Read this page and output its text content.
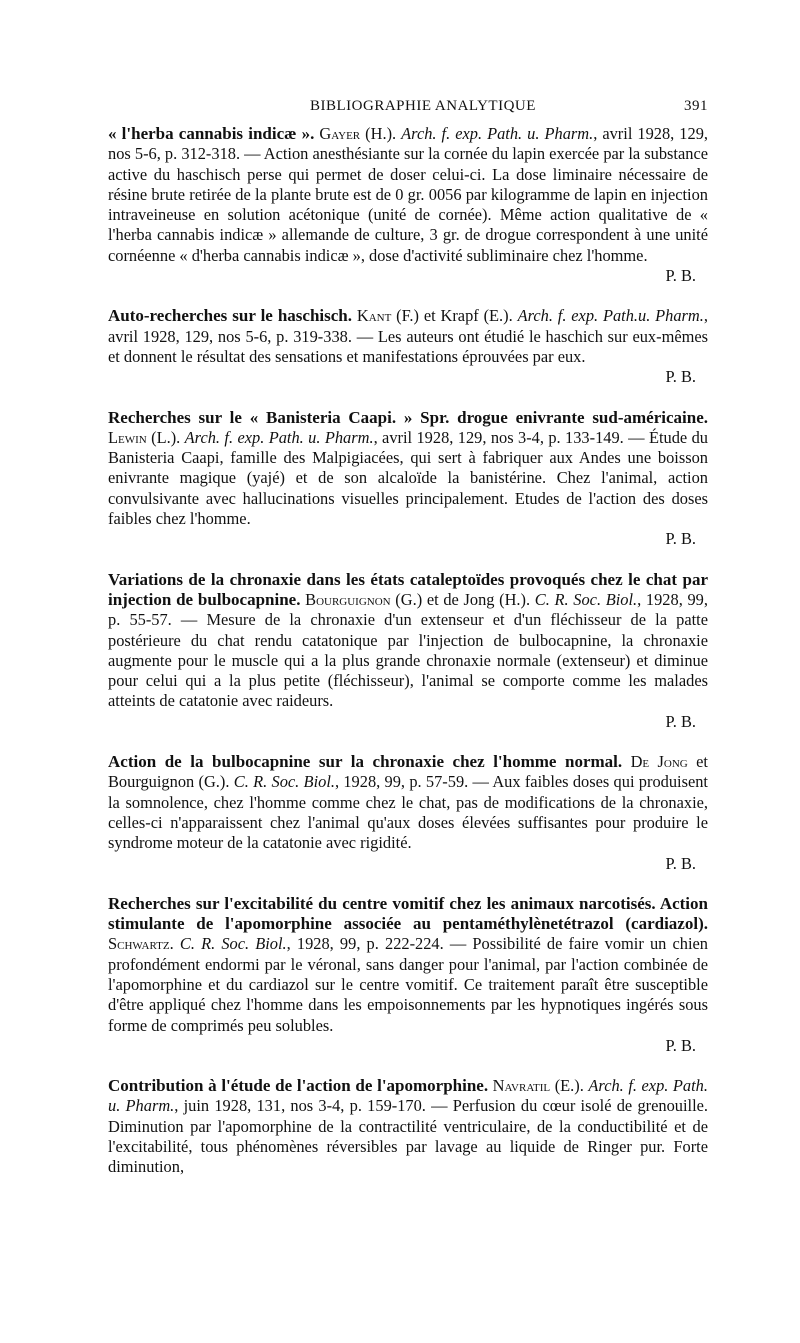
BIBLIOGRAPHIE ANALYTIQUE	391
« l'herba cannabis indicæ ». Gayer (H.). Arch. f. exp. Path. u. Pharm., avril 1928, 129, nos 5-6, p. 312-318. — Action anesthésiante sur la cornée du lapin exercée par la substance active du haschisch perse qui permet de doser celui-ci. La dose liminaire nécessaire de résine brute retirée de la plante brute est de 0 gr. 0056 par kilogramme de lapin en injection intraveineuse en solution acétonique (unité de cornée). Même action qualitative de « l'herba cannabis indicæ » allemande de culture, 3 gr. de drogue correspondent à une unité cornéenne « d'herba cannabis indicæ », dose d'activité subliminaire chez l'homme.
P. B.
Auto-recherches sur le haschisch. Kant (F.) et Krapf (E.). Arch. f. exp. Path.u. Pharm., avril 1928, 129, nos 5-6, p. 319-338. — Les auteurs ont étudié le haschich sur eux-mêmes et donnent le résultat des sensations et manifestations éprouvées par eux.
P. B.
Recherches sur le « Banisteria Caapi. » Spr. drogue enivrante sud-américaine. Lewin (L.). Arch. f. exp. Path. u. Pharm., avril 1928, 129, nos 3-4, p. 133-149. — Étude du Banisteria Caapi, famille des Malpigiacées, qui sert à fabriquer aux Andes une boisson enivrante magique (yajé) et de son alcaloïde la banistérine. Chez l'animal, action convulsivante avec hallucinations visuelles principalement. Etudes de l'action des doses faibles chez l'homme.
P. B.
Variations de la chronaxie dans les états cataleptoïdes provoqués chez le chat par injection de bulbocapnine. Bourguignon (G.) et de Jong (H.). C. R. Soc. Biol., 1928, 99, p. 55-57. — Mesure de la chronaxie d'un extenseur et d'un fléchisseur de la patte postérieure du chat rendu catatonique par l'injection de bulbocapnine, la chronaxie augmente pour le muscle qui a la plus grande chronaxie normale (extenseur) et diminue pour celui qui a la plus petite (fléchisseur), l'animal se comporte comme les malades atteints de catatonie avec raideurs.
P. B.
Action de la bulbocapnine sur la chronaxie chez l'homme normal. De Jong et Bourguignon (G.). C. R. Soc. Biol., 1928, 99, p. 57-59. — Aux faibles doses qui produisent la somnolence, chez l'homme comme chez le chat, pas de modifications de la chronaxie, celles-ci n'apparaissent chez l'animal qu'aux doses élevées suffisantes pour produire le syndrome moteur de la catatonie avec rigidité.
P. B.
Recherches sur l'excitabilité du centre vomitif chez les animaux narcotisés. Action stimulante de l'apomorphine associée au pentaméthylènetétrazol (cardiazol). Schwartz. C. R. Soc. Biol., 1928, 99, p. 222-224. — Possibilité de faire vomir un chien profondément endormi par le véronal, sans danger pour l'animal, par l'action combinée de l'apomorphine et du cardiazol sur le centre vomitif. Ce traitement paraît être susceptible d'être appliqué chez l'homme dans les empoisonnements par les hypnotiques ingérés sous forme de comprimés peu solubles.
P. B.
Contribution à l'étude de l'action de l'apomorphine. Navratil (E.). Arch. f. exp. Path. u. Pharm., juin 1928, 131, nos 3-4, p. 159-170. — Perfusion du cœur isolé de grenouille. Diminution par l'apomorphine de la contractilité ventriculaire, de la conductibilité et de l'excitabilité, tous phénomènes réversibles par lavage au liquide de Ringer pur. Forte diminution,
